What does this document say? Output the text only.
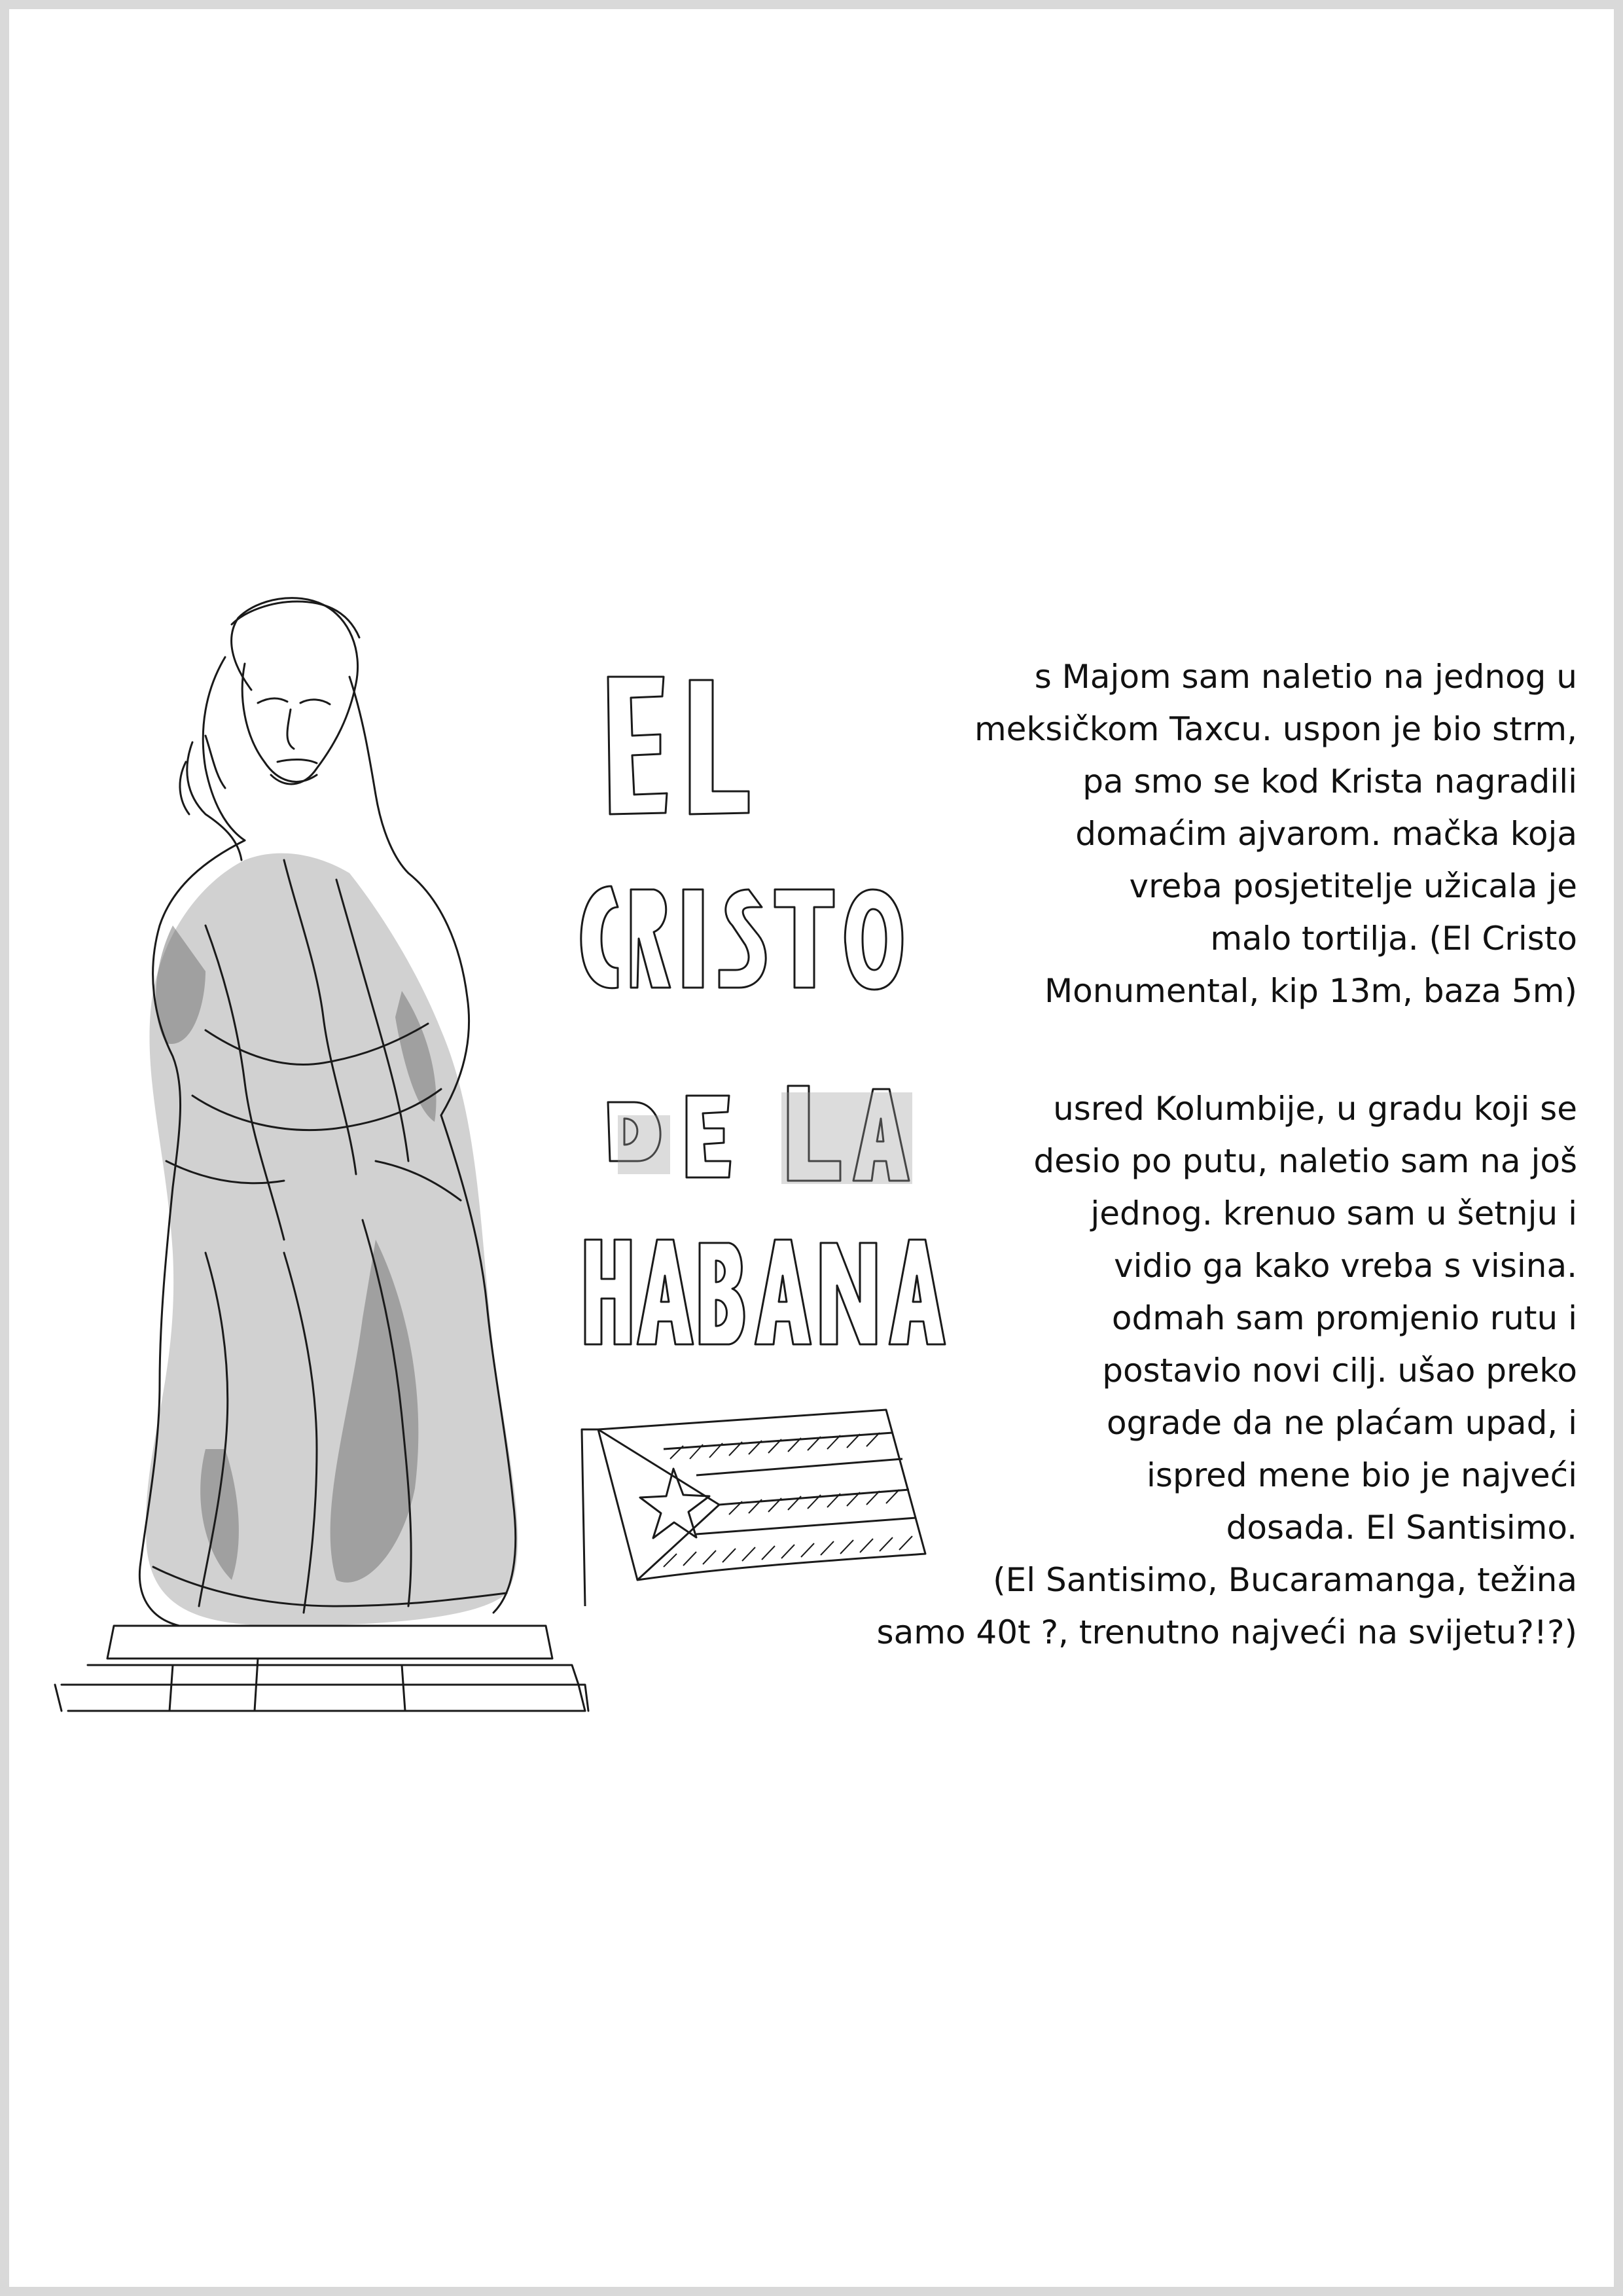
s Majom sam naletio na jednog u
meksičkom Taxcu. uspon je bio strm,
pa smo se kod Krista nagradili
domaćim ajvarom. mačka koja
vreba posjetitelje užicala je
malo tortilja. (El Cristo
Monumental, kip 13m, baza 5m)
usred Kolumbije, u gradu koji se
desio po putu, naletio sam na još
jednog. krenuo sam u šetnju i
vidio ga kako vreba s visina.
odmah sam promjenio rutu i
postavio novi cilj. ušao preko
ograde da ne plaćam upad, i
ispred mene bio je najveći
dosada. El Santisimo.
(El Santisimo, Bucaramanga, težina
samo 40t ?, trenutno najveći na svijetu?!?)
